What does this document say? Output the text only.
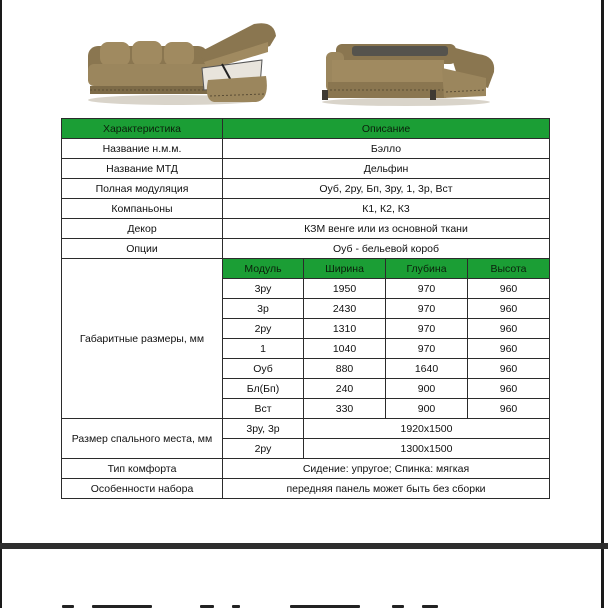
Характеристика	Описание			
Название н.м.м.	Бэлло			
Название МТД	Дельфин			
Полная модуляция	Оуб, 2ру, Бп, 3ру, 1, 3р, Вст			
Компаньоны	К1, К2, К3			
Декор	КЗМ венге или из основной ткани			
Опции	Оуб - бельевой короб			
Габаритные размеры, мм	Модуль	Ширина	Глубина	Высота
	3ру	1950	970	960
	3р	2430	970	960
	2ру	1310	970	960
	1	1040	970	960
	Оуб	880	1640	960
	Бл(Бп)	240	900	960
	Вст	330	900	960
Размер спального места, мм	3ру, 3р	1920х1500		
	2ру	1300х1500		
Тип комфорта	Сидение: упругое; Спинка: мягкая			
Особенности набора	передняя панель может быть без сборки			
